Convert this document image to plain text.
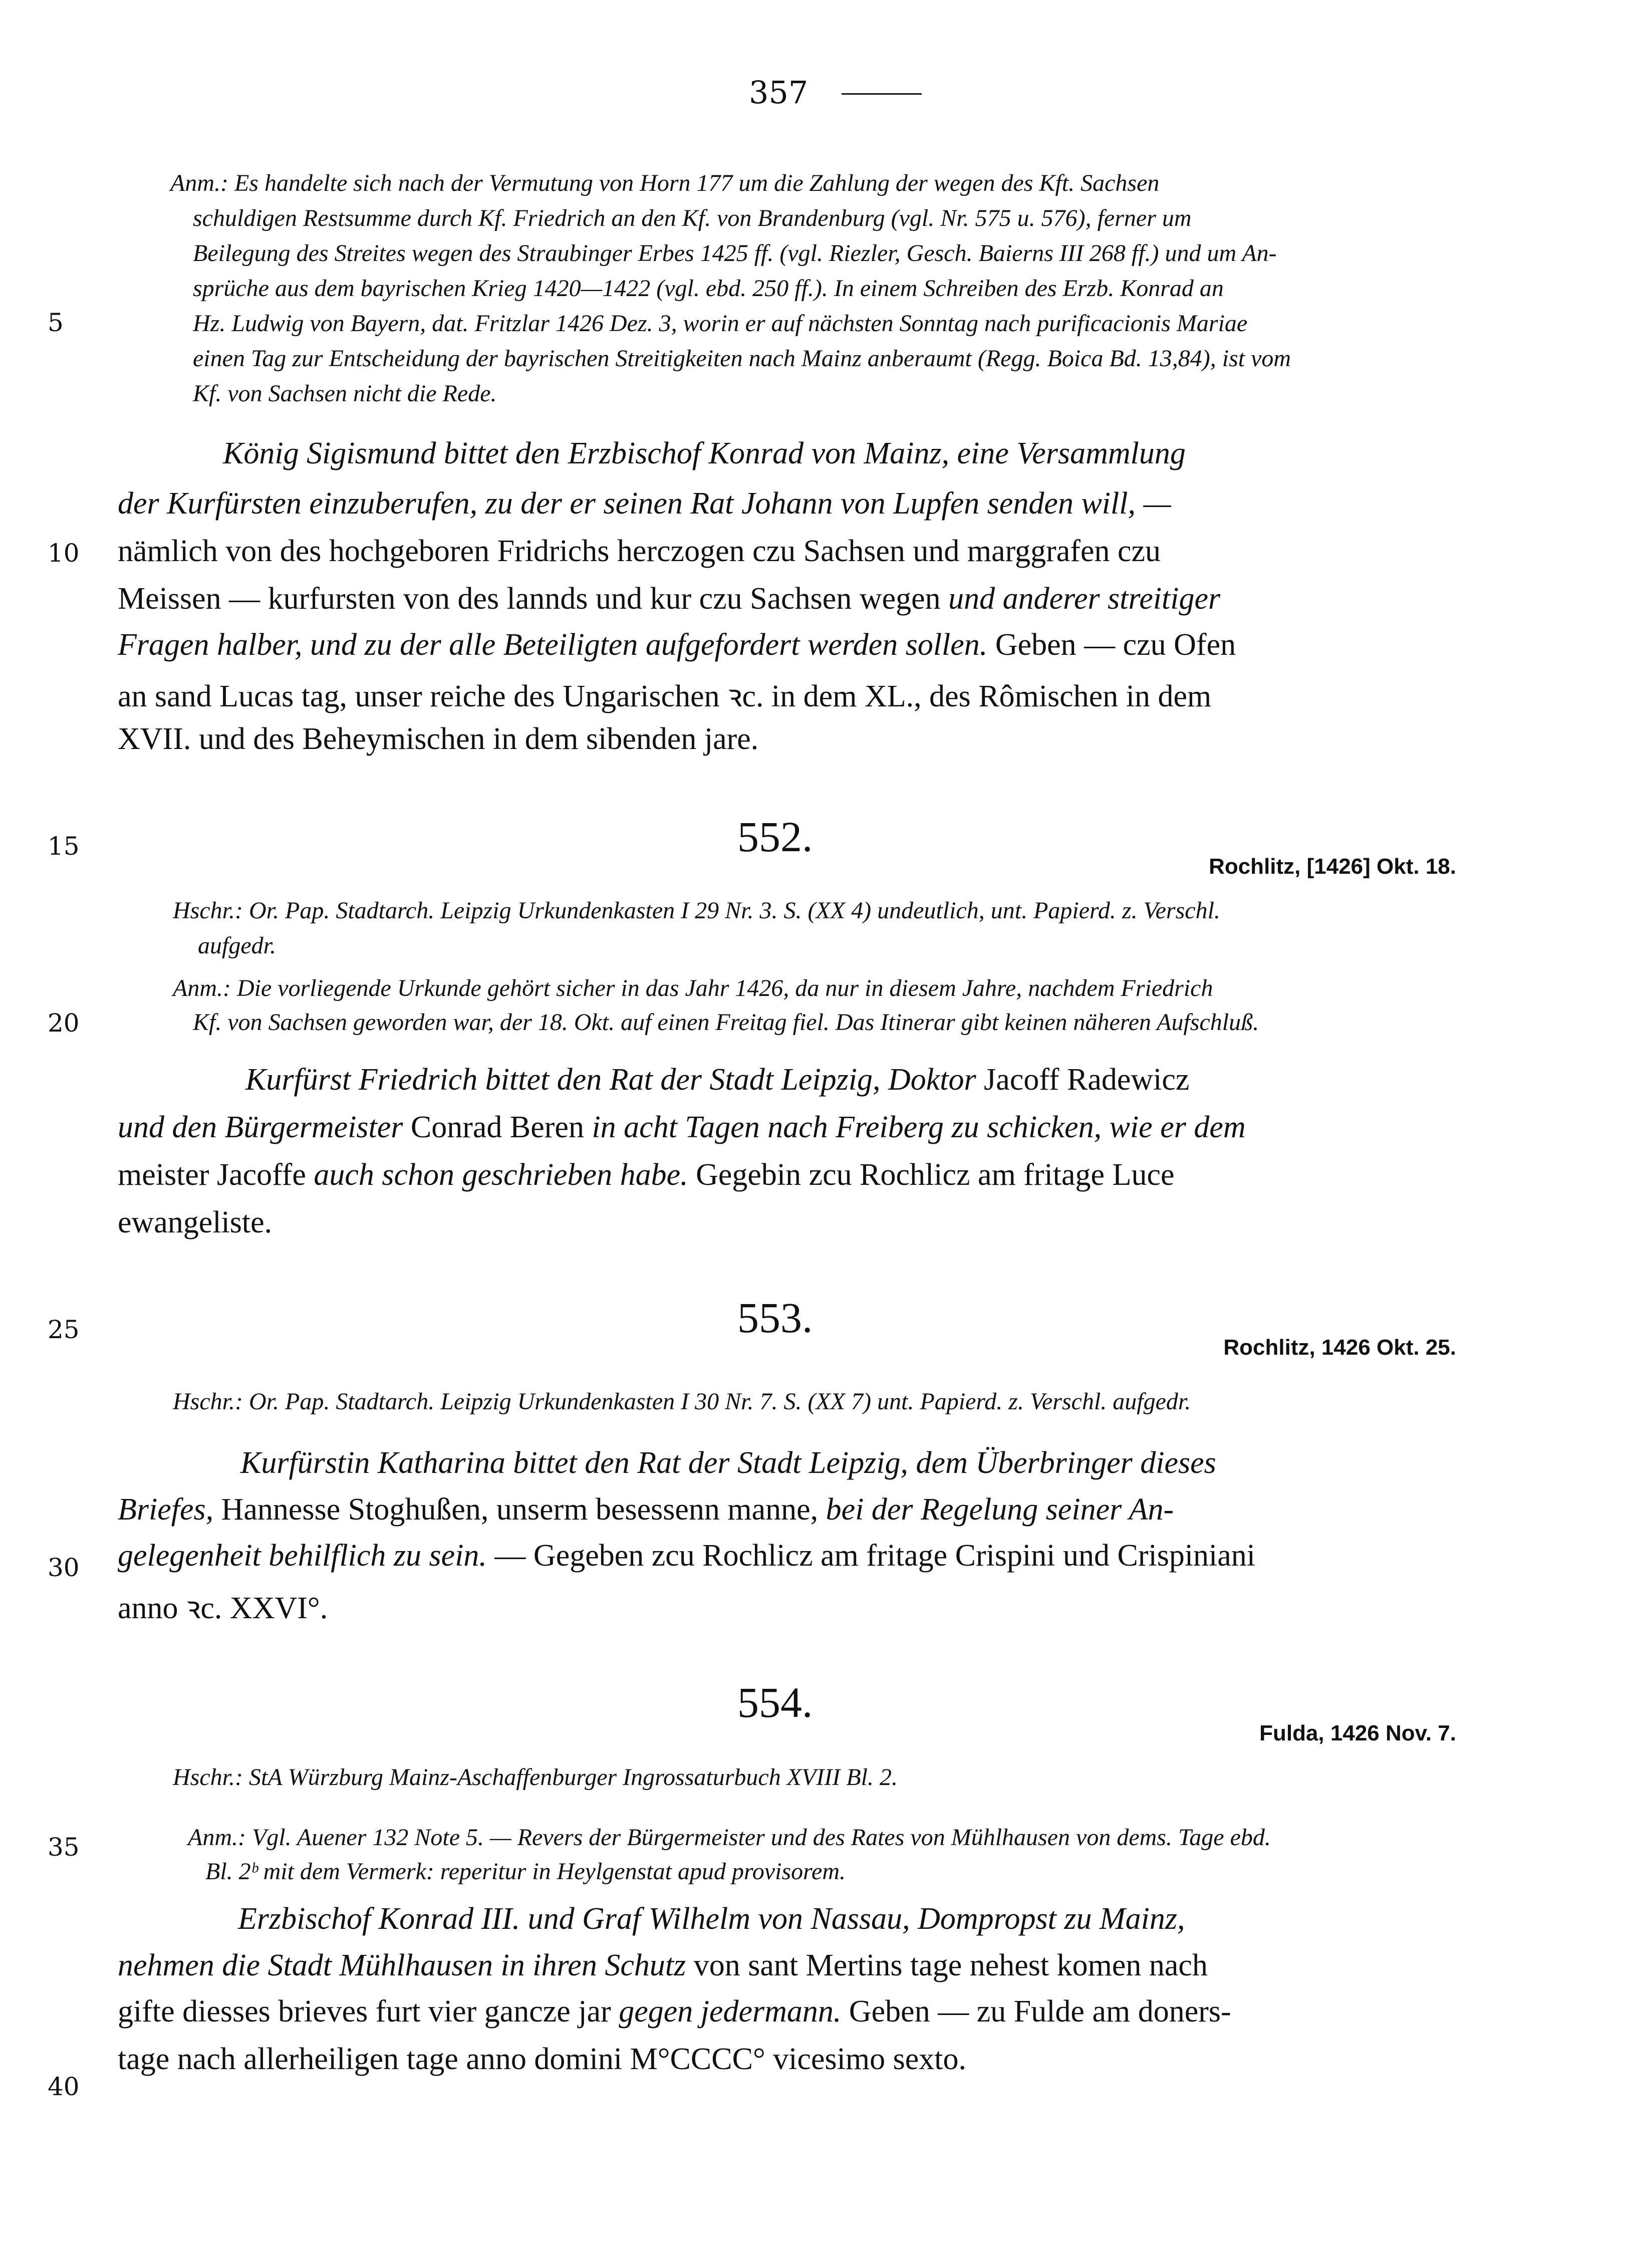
357
5
10
15
20
25
30
35
40
Anm.: Es handelte sich nach der Vermutung von Horn 177 um die Zahlung der wegen des Kft. Sachsen
schuldigen Restsumme durch Kf. Friedrich an den Kf. von Brandenburg (vgl. Nr. 575 u. 576), ferner um
Beilegung des Streites wegen des Straubinger Erbes 1425 ff. (vgl. Riezler, Gesch. Baierns III 268 ff.) und um An-
sprüche aus dem bayrischen Krieg 1420—1422 (vgl. ebd. 250 ff.). In einem Schreiben des Erzb. Konrad an
Hz. Ludwig von Bayern, dat. Fritzlar 1426 Dez. 3, worin er auf nächsten Sonntag nach purificacionis Mariae
einen Tag zur Entscheidung der bayrischen Streitigkeiten nach Mainz anberaumt (Regg. Boica Bd. 13,84), ist vom
Kf. von Sachsen nicht die Rede.
König Sigismund bittet den Erzbischof Konrad von Mainz, eine Versammlung
der Kurfürsten einzuberufen, zu der er seinen Rat Johann von Lupfen senden will, —
nämlich von des hochgeboren Fridrichs herczogen czu Sachsen und marggrafen czu
Meissen — kurfursten von des lannds und kur czu Sachsen wegen und anderer streitiger
Fragen halber, und zu der alle Beteiligten aufgefordert werden sollen. Geben — czu Ofen
an sand Lucas tag, unser reiche des Ungarischen ꝛc. in dem XL., des Rômischen in dem
XVII. und des Beheymischen in dem sibenden jare.
552.
Rochlitz, [1426] Okt. 18.
Hschr.: Or. Pap. Stadtarch. Leipzig Urkundenkasten I 29 Nr. 3. S. (XX 4) undeutlich, unt. Papierd. z. Verschl.
aufgedr.
Anm.: Die vorliegende Urkunde gehört sicher in das Jahr 1426, da nur in diesem Jahre, nachdem Friedrich
Kf. von Sachsen geworden war, der 18. Okt. auf einen Freitag fiel. Das Itinerar gibt keinen näheren Aufschluß.
Kurfürst Friedrich bittet den Rat der Stadt Leipzig, Doktor Jacoff Radewicz
und den Bürgermeister Conrad Beren in acht Tagen nach Freiberg zu schicken, wie er dem
meister Jacoffe auch schon geschrieben habe. Gegebin zcu Rochlicz am fritage Luce
ewangeliste.
553.
Rochlitz, 1426 Okt. 25.
Hschr.: Or. Pap. Stadtarch. Leipzig Urkundenkasten I 30 Nr. 7. S. (XX 7) unt. Papierd. z. Verschl. aufgedr.
Kurfürstin Katharina bittet den Rat der Stadt Leipzig, dem Überbringer dieses
Briefes, Hannesse Stoghußen, unserm besessenn manne, bei der Regelung seiner An-
gelegenheit behilflich zu sein. — Gegeben zcu Rochlicz am fritage Crispini und Crispiniani
anno ꝛc. XXVI°.
554.
Fulda, 1426 Nov. 7.
Hschr.: StA Würzburg Mainz-Aschaffenburger Ingrossaturbuch XVIII Bl. 2.
Anm.: Vgl. Auener 132 Note 5. — Revers der Bürgermeister und des Rates von Mühlhausen von dems. Tage ebd.
Bl. 2ᵇ mit dem Vermerk: reperitur in Heylgenstat apud provisorem.
Erzbischof Konrad III. und Graf Wilhelm von Nassau, Dompropst zu Mainz,
nehmen die Stadt Mühlhausen in ihren Schutz von sant Mertins tage nehest komen nach
gifte diesses brieves furt vier gancze jar gegen jedermann. Geben — zu Fulde am doners-
tage nach allerheiligen tage anno domini M°CCCC° vicesimo sexto.
